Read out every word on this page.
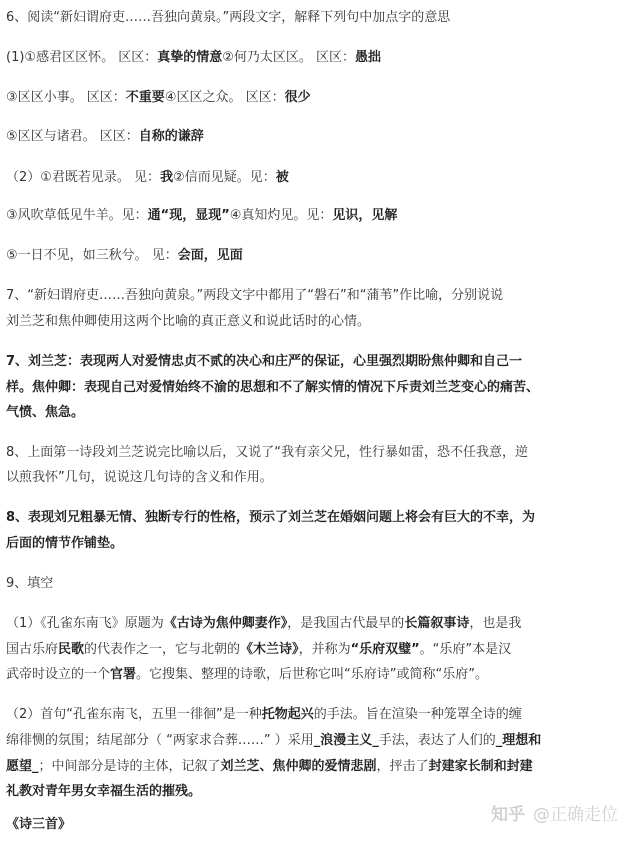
6、阅读“新妇谓府吏……吾独向黄泉。”两段文字，解释下列句中加点字的意思
(1)①感君区区怀。 区区：真挚的情意②何乃太区区。 区区：愚拙
③区区小事。 区区：不重要④区区之众。 区区：很少
⑤区区与诸君。 区区：自称的谦辞
（2）①君既若见录。 见：我②信而见疑。见：被
③风吹草低见牛羊。见：通“现，显现”④真知灼见。见：见识，见解
⑤一日不见，如三秋兮。 见：会面，见面
7、“新妇谓府吏……吾独向黄泉。”两段文字中都用了“磐石”和“蒲苇”作比喻，分别说说
刘兰芝和焦仲卿使用这两个比喻的真正意义和说此话时的心情。
7、刘兰芝：表现两人对爱情忠贞不贰的决心和庄严的保证，心里强烈期盼焦仲卿和自己一
样。焦仲卿：表现自己对爱情始终不渝的思想和不了解实情的情况下斥责刘兰芝变心的痛苦、
气愤、焦急。
8、上面第一诗段刘兰芝说完比喻以后，又说了“我有亲父兄，性行暴如雷，恐不任我意，逆
以煎我怀”几句，说说这几句诗的含义和作用。
8、表现刘兄粗暴无情、独断专行的性格，预示了刘兰芝在婚姻问题上将会有巨大的不幸，为
后面的情节作铺垫。
9、填空
（1）《孔雀东南飞》原题为《古诗为焦仲卿妻作》，是我国古代最早的长篇叙事诗，也是我
国古乐府民歌的代表作之一，它与北朝的《木兰诗》，并称为“乐府双璧”。“乐府”本是汉
武帝时设立的一个官署。它搜集、整理的诗歌，后世称它叫“乐府诗”或简称“乐府”。
（2）首句“孔雀东南飞，五里一徘徊”是一种托物起兴的手法。旨在渲染一种笼罩全诗的缠
绵徘恻的氛围；结尾部分（ “两家求合葬……” ）采用_浪漫主义_手法，表达了人们的_理想和
愿望_；中间部分是诗的主体，记叙了刘兰芝、焦仲卿的爱情悲剧，抨击了封建家长制和封建
礼教对青年男女幸福生活的摧残。
《诗三首》	知乎 @正确走位
